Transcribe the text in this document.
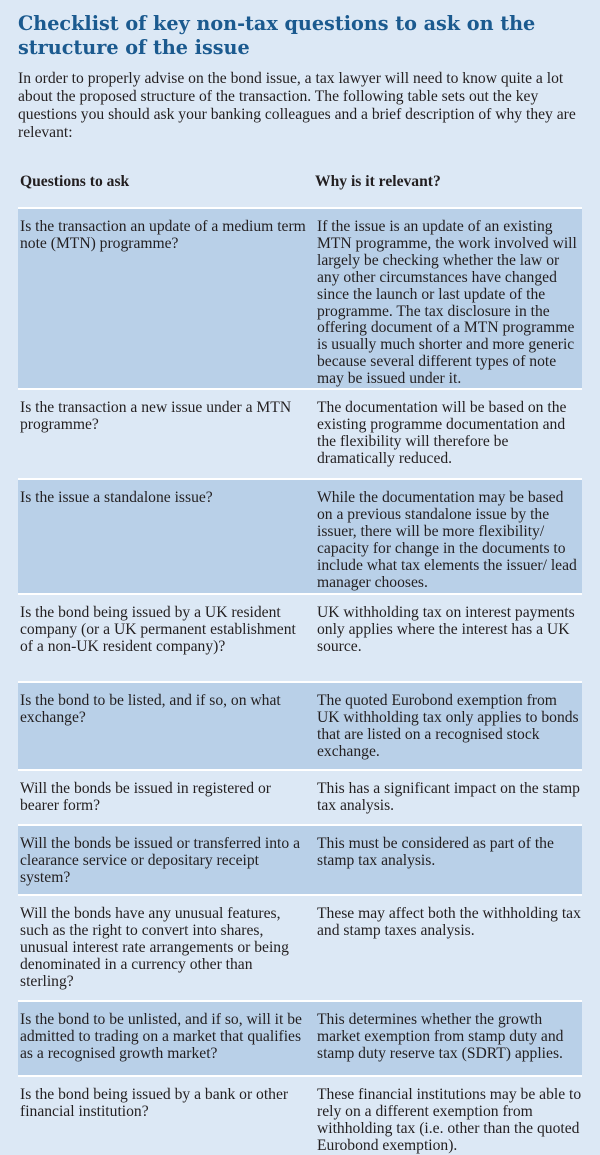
Checklist of key non-tax questions to ask on the structure of the issue
In order to properly advise on the bond issue, a tax lawyer will need to know quite a lot about the proposed structure of the transaction. The following table sets out the key questions you should ask your banking colleagues and a brief description of why they are relevant:
Questions to ask	Why is it relevant?
Is the transaction an update of a medium term note (MTN) programme?	If the issue is an update of an existing MTN programme, the work involved will largely be checking whether the law or any other circumstances have changed since the launch or last update of the programme. The tax disclosure in the offering document of a MTN programme is usually much shorter and more generic because several different types of note may be issued under it.
Is the transaction a new issue under a MTN programme?	The documentation will be based on the existing programme documentation and the flexibility will therefore be dramatically reduced.
Is the issue a standalone issue?	While the documentation may be based on a previous standalone issue by the issuer, there will be more flexibility/ capacity for change in the documents to include what tax elements the issuer/ lead manager chooses.
Is the bond being issued by a UK resident company (or a UK permanent establishment of a non-UK resident company)?	UK withholding tax on interest payments only applies where the interest has a UK source.
Is the bond to be listed, and if so, on what exchange?	The quoted Eurobond exemption from UK withholding tax only applies to bonds that are listed on a recognised stock exchange.
Will the bonds be issued in registered or bearer form?	This has a significant impact on the stamp tax analysis.
Will the bonds be issued or transferred into a clearance service or depositary receipt system?	This must be considered as part of the stamp tax analysis.
Will the bonds have any unusual features, such as the right to convert into shares, unusual interest rate arrangements or being denominated in a currency other than sterling?	These may affect both the withholding tax and stamp taxes analysis.
Is the bond to be unlisted, and if so, will it be admitted to trading on a market that qualifies as a recognised growth market?	This determines whether the growth market exemption from stamp duty and stamp duty reserve tax (SDRT) applies.
Is the bond being issued by a bank or other financial institution?	These financial institutions may be able to rely on a different exemption from withholding tax (i.e. other than the quoted Eurobond exemption).
